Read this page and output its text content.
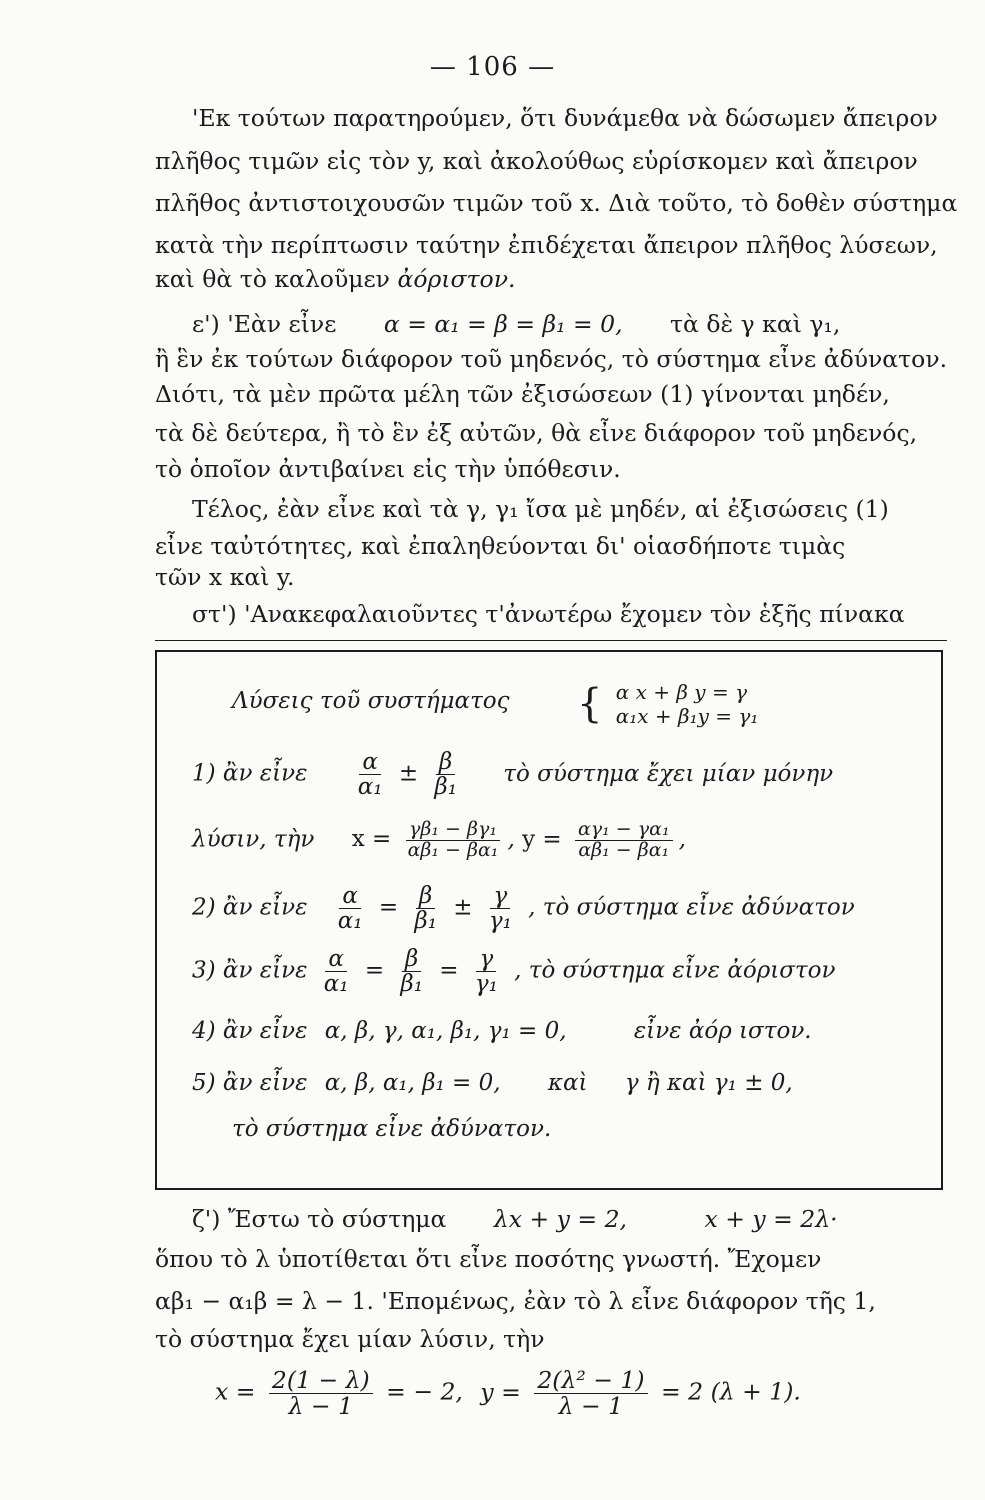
— 106 —
'Εκ τούτων παρατηρούμεν, ὅτι δυνάμεθα νὰ δώσωμεν ἄπειρον
πλῆθος τιμῶν εἰς τὸν y, καὶ ἀκολούθως εὑρίσκομεν καὶ ἄπειρον
πλῆθος ἀντιστοιχουσῶν τιμῶν τοῦ x. Διὰ τοῦτο, τὸ δοθὲν σύστημα
κατὰ τὴν περίπτωσιν ταύτην ἐπιδέχεται ἄπειρον πλῆθος λύσεων,
καὶ θὰ τὸ καλοῦμεν ἀόριστον.
ε') 'Εὰν εἶνε α = α₁ = β = β₁ = 0, τὰ δὲ γ καὶ γ₁,
ἢ ἓν ἐκ τούτων διάφορον τοῦ μηδενός, τὸ σύστημα εἶνε ἀδύνατον.
Διότι, τὰ μὲν πρῶτα μέλη τῶν ἐξισώσεων (1) γίνονται μηδέν,
τὰ δὲ δεύτερα, ἢ τὸ ἓν ἐξ αὐτῶν, θὰ εἶνε διάφορον τοῦ μηδενός,
τὸ ὁποῖον ἀντιβαίνει εἰς τὴν ὑπόθεσιν.
Τέλος, ἐὰν εἶνε καὶ τὰ γ, γ₁ ἴσα μὲ μηδέν, αἱ ἐξισώσεις (1)
εἶνε ταὐτότητες, καὶ ἐπαληθεύονται δι' οἱασδήποτε τιμὰς
τῶν x καὶ y.
στ') 'Ανακεφαλαιοῦντες τ'ἀνωτέρω ἔχομεν τὸν ἑξῆς πίνακα
Λύσεις τοῦ συστήματος { α x + β y = γ
α₁x + β₁y = γ₁
1) ἂν εἶνε $\frac{\alpha}{\text{α₁}} \pm \frac{\beta}{\text{β₁}}$ τὸ σύστημα ἔχει μίαν μόνην
λύσιν, τὴν $x = \frac{\text{γβ₁ − βγ₁}}{\text{αβ₁ − βα₁}}$ , $y = \frac{\text{αγ₁ − γα₁}}{\text{αβ₁ − βα₁}}$ ,
2) ἂν εἶνε $\frac{\alpha}{\text{α₁}} = \frac{\beta}{\text{β₁}} \pm \frac{\gamma}{\text{γ₁}}$ , τὸ σύστημα εἶνε ἀδύνατον
3) ἂν εἶνε $\frac{\alpha}{\text{α₁}} = \frac{\beta}{\text{β₁}} = \frac{\gamma}{\text{γ₁}}$ , τὸ σύστημα εἶνε ἀόριστον
4) ἂν εἶνε α, β, γ, α₁, β₁, γ₁ = 0,	εἶνε ἀόρ ιστον.
5) ἂν εἶνε α, β, α₁, β₁ = 0, καὶ γ ἢ καὶ γ₁ ± 0,
τὸ σύστημα εἶνε ἀδύνατον.
ζ') Ἔστω τὸ σύστημα λx + y = 2,	x + y = 2λ·
ὅπου τὸ λ ὑποτίθεται ὅτι εἶνε ποσότης γνωστή. Ἔχομεν
αβ₁ − α₁β = λ − 1. 'Επομένως, ἐὰν τὸ λ εἶνε διάφορον τῆς 1,
τὸ σύστημα ἔχει μίαν λύσιν, τὴν
$x = \frac{2(1 - \lambda)}{\lambda - 1}$ = − 2, $y = \frac{\text{2(λ² − 1)}}{\lambda - 1} = 2$ (λ + 1).
